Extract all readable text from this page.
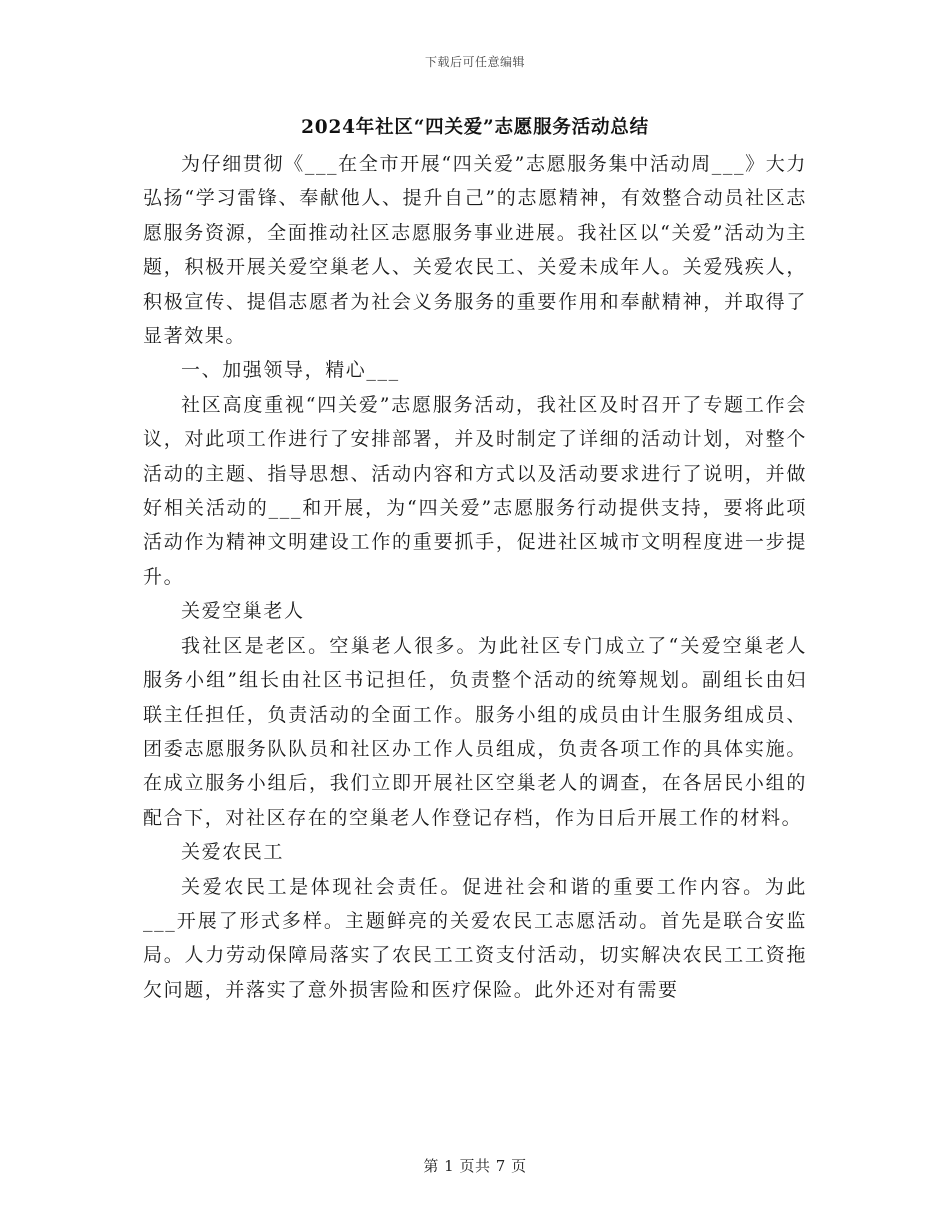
下载后可任意编辑
2024年社区“四关爱”志愿服务活动总结

为仔细贯彻《___在全市开展“四关爱”志愿服务集中活动周___》大力弘扬“学习雷锋、奉献他人、提升自己”的志愿精神，有效整合动员社区志愿服务资源，全面推动社区志愿服务事业进展。我社区以“关爱”活动为主题，积极开展关爱空巢老人、关爱农民工、关爱未成年人。关爱残疾人，积极宣传、提倡志愿者为社会义务服务的重要作用和奉献精神，并取得了显著效果。

一、加强领导，精心___

社区高度重视“四关爱”志愿服务活动，我社区及时召开了专题工作会议，对此项工作进行了安排部署，并及时制定了详细的活动计划，对整个活动的主题、指导思想、活动内容和方式以及活动要求进行了说明，并做好相关活动的___和开展，为“四关爱”志愿服务行动提供支持，要将此项活动作为精神文明建设工作的重要抓手，促进社区城市文明程度进一步提升。

关爱空巢老人

我社区是老区。空巢老人很多。为此社区专门成立了“关爱空巢老人服务小组”组长由社区书记担任，负责整个活动的统筹规划。副组长由妇联主任担任，负责活动的全面工作。服务小组的成员由计生服务组成员、团委志愿服务队队员和社区办工作人员组成，负责各项工作的具体实施。在成立服务小组后，我们立即开展社区空巢老人的调查，在各居民小组的配合下，对社区存在的空巢老人作登记存档，作为日后开展工作的材料。

关爱农民工

关爱农民工是体现社会责任。促进社会和谐的重要工作内容。为此___开展了形式多样。主题鲜亮的关爱农民工志愿活动。首先是联合安监局。人力劳动保障局落实了农民工工资支付活动，切实解决农民工工资拖欠问题，并落实了意外损害险和医疗保险。此外还对有需要

第 1 页共 7 页
